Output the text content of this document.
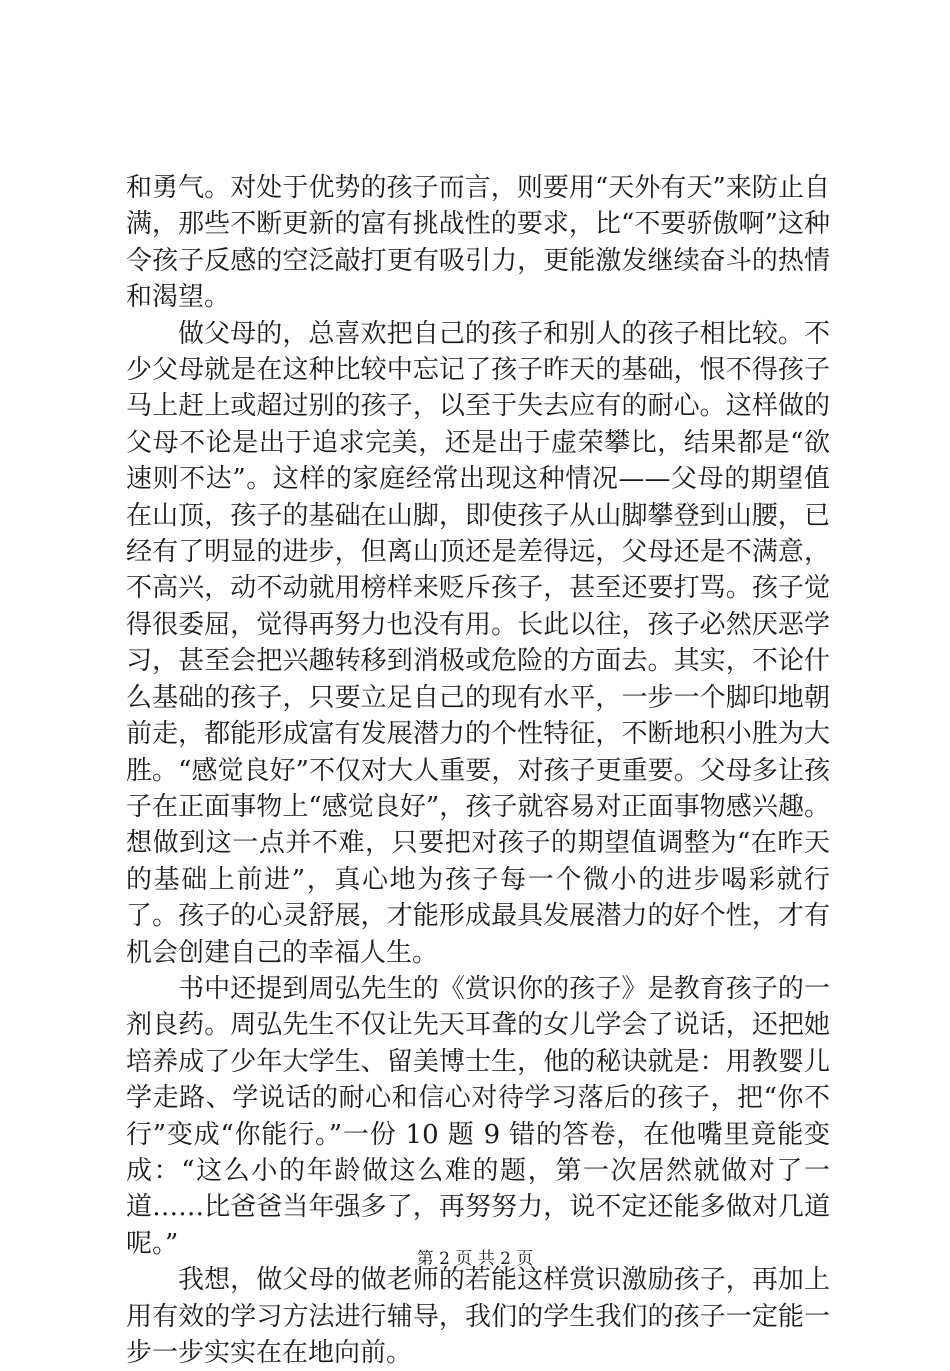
和勇气。对处于优势的孩子而言，则要用“天外有天”来防止自满，那些不断更新的富有挑战性的要求，比“不要骄傲啊”这种令孩子反感的空泛敲打更有吸引力，更能激发继续奋斗的热情和渴望。

做父母的，总喜欢把自己的孩子和别人的孩子相比较。不少父母就是在这种比较中忘记了孩子昨天的基础，恨不得孩子马上赶上或超过别的孩子，以至于失去应有的耐心。这样做的父母不论是出于追求完美，还是出于虚荣攀比，结果都是“欲速则不达”。这样的家庭经常出现这种情况——父母的期望值在山顶，孩子的基础在山脚，即使孩子从山脚攀登到山腰，已经有了明显的进步，但离山顶还是差得远，父母还是不满意，不高兴，动不动就用榜样来贬斥孩子，甚至还要打骂。孩子觉得很委屈，觉得再努力也没有用。长此以往，孩子必然厌恶学习，甚至会把兴趣转移到消极或危险的方面去。其实，不论什么基础的孩子，只要立足自己的现有水平，一步一个脚印地朝前走，都能形成富有发展潜力的个性特征，不断地积小胜为大胜。“感觉良好”不仅对大人重要，对孩子更重要。父母多让孩子在正面事物上“感觉良好”，孩子就容易对正面事物感兴趣。想做到这一点并不难，只要把对孩子的期望值调整为“在昨天的基础上前进”，真心地为孩子每一个微小的进步喝彩就行了。孩子的心灵舒展，才能形成最具发展潜力的好个性，才有机会创建自己的幸福人生。

书中还提到周弘先生的《赏识你的孩子》是教育孩子的一剂良药。周弘先生不仅让先天耳聋的女儿学会了说话，还把她培养成了少年大学生、留美博士生，他的秘诀就是：用教婴儿学走路、学说话的耐心和信心对待学习落后的孩子，把“你不行”变成“你能行。”一份 10 题 9 错的答卷，在他嘴里竟能变成：“这么小的年龄做这么难的题，第一次居然就做对了一道……比爸爸当年强多了，再努努力，说不定还能多做对几道呢。”

我想，做父母的做老师的若能这样赏识激励孩子，再加上用有效的学习方法进行辅导，我们的学生我们的孩子一定能一步一步实实在在地向前。

第 2 页 共 2 页
